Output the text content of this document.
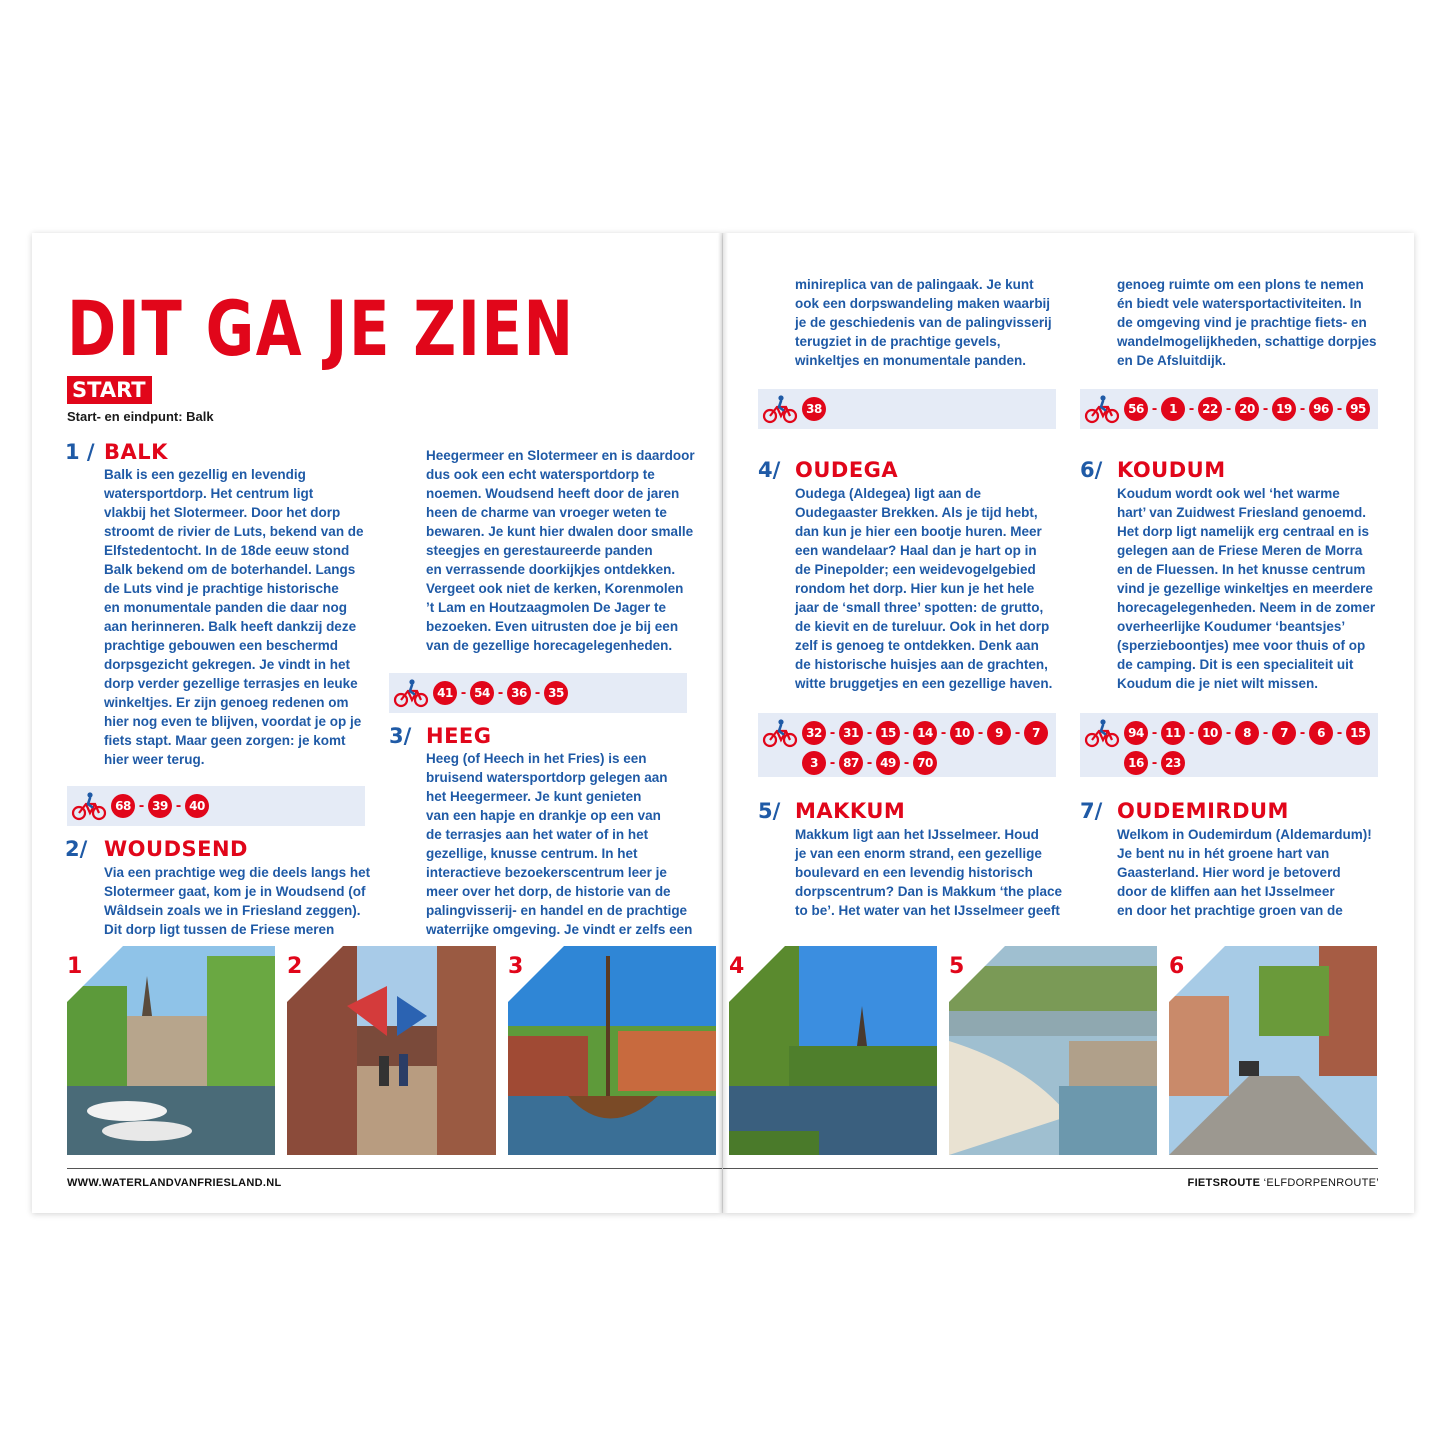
DIT GA JE ZIEN
START
Start- en eindpunt: Balk
1 / BALK

Balk is een gezellig en levendig

watersportdorp. Het centrum ligt

vlakbij het Slotermeer. Door het dorp

stroomt de rivier de Luts, bekend van de

Elfstedentocht. In de 18de eeuw stond

Balk bekend om de boterhandel. Langs

de Luts vind je prachtige historische

en monumentale panden die daar nog

aan herinneren. Balk heeft dankzij deze

prachtige gebouwen een beschermd

dorpsgezicht gekregen. Je vindt in het

dorp verder gezellige terrasjes en leuke

winkeltjes. Er zijn genoeg redenen om

hier nog even te blijven, voordat je op je

fiets stapt. Maar geen zorgen: je komt

hier weer terug.

68 - 39 - 40
2/ WOUDSEND

Via een prachtige weg die deels langs het

Slotermeer gaat, kom je in Woudsend (of

Wâldsein zoals we in Friesland zeggen).

Dit dorp ligt tussen de Friese meren

Heegermeer en Slotermeer en is daardoor

dus ook een echt watersportdorp te

noemen. Woudsend heeft door de jaren

heen de charme van vroeger weten te

bewaren. Je kunt hier dwalen door smalle

steegjes en gerestaureerde panden

en verrassende doorkijkjes ontdekken.

Vergeet ook niet de kerken, Korenmolen

’t Lam en Houtzaagmolen De Jager te

bezoeken. Even uitrusten doe je bij een

van de gezellige horecagelegenheden.

41 - 54 - 36 - 35
3/ HEEG

Heeg (of Heech in het Fries) is een

bruisend watersportdorp gelegen aan

het Heegermeer. Je kunt genieten

van een hapje en drankje op een van

de terrasjes aan het water of in het

gezellige, knusse centrum. In het

interactieve bezoekerscentrum leer je

meer over het dorp, de historie van de

palingvisserij- en handel en de prachtige

waterrijke omgeving. Je vindt er zelfs een

1	2	3
WWW.WATERLANDVANFRIESLAND.NL

minireplica van de palingaak. Je kunt

ook een dorpswandeling maken waarbij

je de geschiedenis van de palingvisserij

terugziet in de prachtige gevels,

winkeltjes en monumentale panden.

38
4/ OUDEGA

Oudega (Aldegea) ligt aan de

Oudegaaster Brekken. Als je tijd hebt,

dan kun je hier een bootje huren. Meer

een wandelaar? Haal dan je hart op in

de Pinepolder; een weidevogelgebied

rondom het dorp. Hier kun je het hele

jaar de ‘small three’ spotten: de grutto,

de kievit en de tureluur. Ook in het dorp

zelf is genoeg te ontdekken. Denk aan

de historische huisjes aan de grachten,

witte bruggetjes en een gezellige haven.

32 - 31 - 15 - 14 - 10 - 9 - 7
3 - 87 - 49 - 70
5/ MAKKUM

Makkum ligt aan het IJsselmeer. Houd

je van een enorm strand, een gezellige

boulevard en een levendig historisch

dorpscentrum? Dan is Makkum ‘the place

to be’. Het water van het IJsselmeer geeft

genoeg ruimte om een plons te nemen

én biedt vele watersportactiviteiten. In

de omgeving vind je prachtige fiets- en

wandelmogelijkheden, schattige dorpjes

en De Afsluitdijk.

56 - 1 - 22 - 20 - 19 - 96 - 95
6/ KOUDUM

Koudum wordt ook wel ‘het warme

hart’ van Zuidwest Friesland genoemd.

Het dorp ligt namelijk erg centraal en is

gelegen aan de Friese Meren de Morra

en de Fluessen. In het knusse centrum

vind je gezellige winkeltjes en meerdere

horecagelegenheden. Neem in de zomer

overheerlijke Koudumer ‘beantsjes’

(sperzieboontjes) mee voor thuis of op

de camping. Dit is een specialiteit uit

Koudum die je niet wilt missen.

94 - 11 - 10 - 8 - 7 - 6 - 15
16 - 23
7/ OUDEMIRDUM

Welkom in Oudemirdum (Aldemardum)!

Je bent nu in hét groene hart van

Gaasterland. Hier word je betoverd

door de kliffen aan het IJsselmeer

en door het prachtige groen van de

4	5	6
FIETSROUTE ‘ELFDORPENROUTE’
